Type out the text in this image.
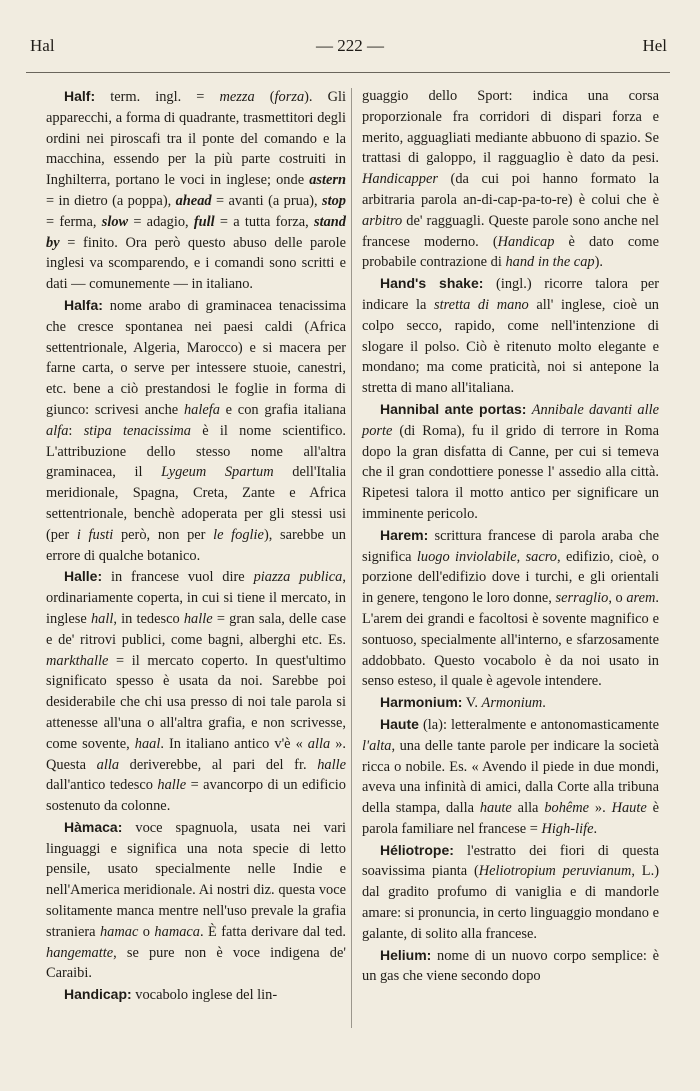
Hal	— 222 —	Hel

Half: term. ingl. = mezza (forza). Gli apparecchi, a forma di quadrante, trasmettitori degli ordini nei piroscafi tra il ponte del comando e la macchina, essendo per la più parte costruiti in Inghilterra, portano le voci in inglese; onde astern = in dietro (a poppa), ahead = avanti (a prua), stop = ferma, slow = adagio, full = a tutta forza, stand by = finito. Ora però questo abuso delle parole inglesi va scomparendo, e i comandi sono scritti e dati — comunemente — in italiano.

Halfa: nome arabo di graminacea tenacissima che cresce spontanea nei paesi caldi (Africa settentrionale, Algeria, Marocco) e si macera per farne carta, o serve per intessere stuoie, canestri, etc. bene a ciò prestandosi le foglie in forma di giunco: scrivesi anche halefa e con grafia italiana alfa: stipa tenacissima è il nome scientifico. L'attribuzione dello stesso nome all'altra graminacea, il Lygeum Spartum dell'Italia meridionale, Spagna, Creta, Zante e Africa settentrionale, benchè adoperata per gli stessi usi (per i fusti però, non per le foglie), sarebbe un errore di qualche botanico.

Halle: in francese vuol dire piazza publica, ordinariamente coperta, in cui si tiene il mercato, in inglese hall, in tedesco halle = gran sala, delle case e de' ritrovi publici, come bagni, alberghi etc. Es. markthalle = il mercato coperto. In quest'ultimo significato spesso è usata da noi. Sarebbe poi desiderabile che chi usa presso di noi tale parola si attenesse all'una o all'altra grafia, e non scrivesse, come sovente, haal. In italiano antico v'è « alla ». Questa alla deriverebbe, al pari del fr. halle dall'antico tedesco halle = avancorpo di un edificio sostenuto da colonne.

Hàmaca: voce spagnuola, usata nei vari linguaggi e significa una nota specie di letto pensile, usato specialmente nelle Indie e nell'America meridionale. Ai nostri diz. questa voce solitamente manca mentre nell'uso prevale la grafia straniera hamac o hamaca. È fatta derivare dal ted. hangematte, se pure non è voce indigena de' Caraibi.

Handicap: vocabolo inglese del lin-

guaggio dello Sport: indica una corsa proporzionale fra corridori di dispari forza e merito, agguagliati mediante abbuono di spazio. Se trattasi di galoppo, il ragguaglio è dato da pesi. Handicapper (da cui poi hanno formato la arbitraria parola an-di-cap-pa-to-re) è colui che è arbitro de' ragguagli. Queste parole sono anche nel francese moderno. (Handicap è dato come probabile contrazione di hand in the cap).

Hand's shake: (ingl.) ricorre talora per indicare la stretta di mano all' inglese, cioè un colpo secco, rapido, come nell'intenzione di slogare il polso. Ciò è ritenuto molto elegante e mondano; ma come praticità, noi si antepone la stretta di mano all'italiana.

Hannibal ante portas: Annibale davanti alle porte (di Roma), fu il grido di terrore in Roma dopo la gran disfatta di Canne, per cui si temeva che il gran condottiere ponesse l' assedio alla città. Ripetesi talora il motto antico per significare un imminente pericolo.

Harem: scrittura francese di parola araba che significa luogo inviolabile, sacro, edifizio, cioè, o porzione dell'edifizio dove i turchi, e gli orientali in genere, tengono le loro donne, serraglio, o arem. L'arem dei grandi e facoltosi è sovente magnifico e sontuoso, specialmente all'interno, e sfarzosamente addobbato. Questo vocabolo è da noi usato in senso esteso, il quale è agevole intendere.

Harmonium: V. Armonium.

Haute (la): letteralmente e antonomasticamente l'alta, una delle tante parole per indicare la società ricca o nobile. Es. « Avendo il piede in due mondi, aveva una infinità di amici, dalla Corte alla tribuna della stampa, dalla haute alla bohême ». Haute è parola familiare nel francese = High-life.

Héliotrope: l'estratto dei fiori di questa soavissima pianta (Heliotropium peruvianum, L.) dal gradito profumo di vaniglia e di mandorle amare: si pronuncia, in certo linguaggio mondano e galante, di solito alla francese.

Helium: nome di un nuovo corpo semplice: è un gas che viene secondo dopo
